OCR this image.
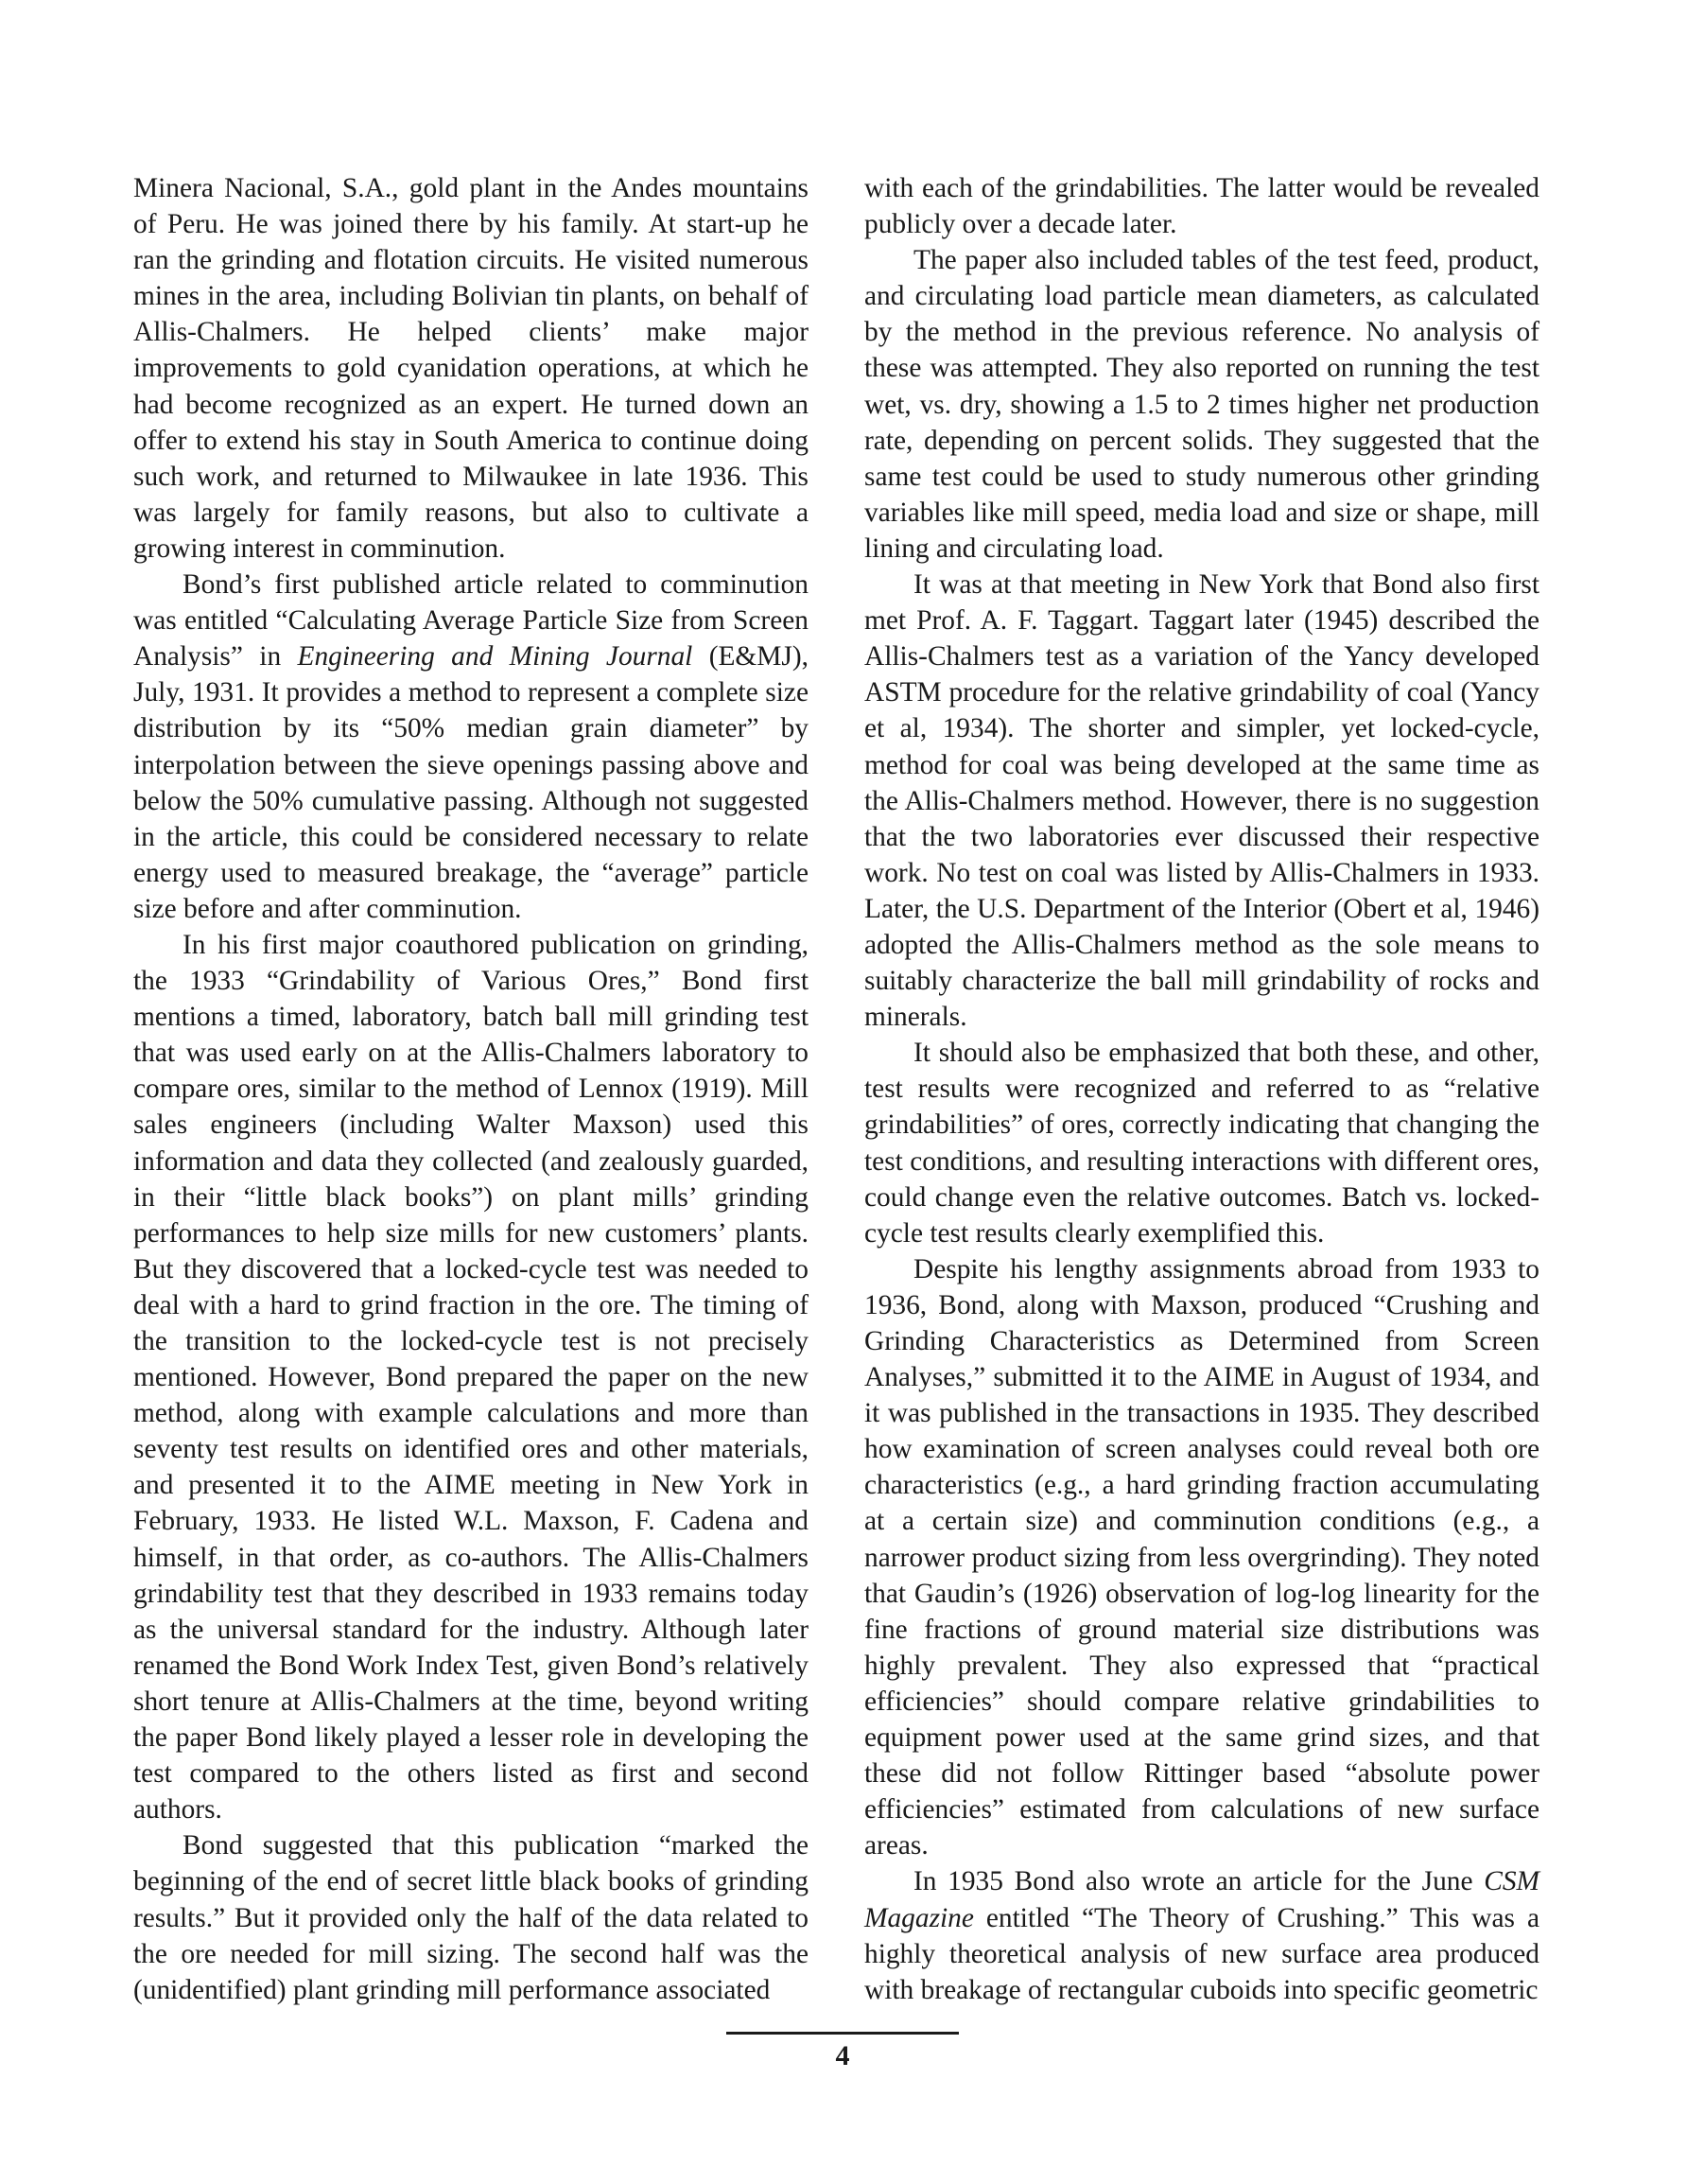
Minera Nacional, S.A., gold plant in the Andes mountains of Peru. He was joined there by his family. At start-up he ran the grinding and flotation circuits. He visited numerous mines in the area, including Bolivian tin plants, on behalf of Allis-Chalmers. He helped clients’ make major improvements to gold cyanidation operations, at which he had become recognized as an expert. He turned down an offer to extend his stay in South America to continue doing such work, and returned to Milwaukee in late 1936. This was largely for family reasons, but also to cultivate a growing interest in comminution.

Bond’s first published article related to comminution was entitled “Calculating Average Particle Size from Screen Analysis” in Engineering and Mining Journal (E&MJ), July, 1931. It provides a method to represent a complete size distribution by its “50% median grain diameter” by interpolation between the sieve openings passing above and below the 50% cumulative passing. Although not suggested in the article, this could be considered necessary to relate energy used to measured breakage, the “average” particle size before and after comminution.

In his first major coauthored publication on grinding, the 1933 “Grindability of Various Ores,” Bond first mentions a timed, laboratory, batch ball mill grinding test that was used early on at the Allis-Chalmers laboratory to compare ores, similar to the method of Lennox (1919). Mill sales engineers (including Walter Maxson) used this information and data they collected (and zealously guarded, in their “little black books”) on plant mills’ grinding performances to help size mills for new customers’ plants. But they discovered that a locked-cycle test was needed to deal with a hard to grind fraction in the ore. The timing of the transition to the locked-cycle test is not precisely mentioned. However, Bond prepared the paper on the new method, along with example calculations and more than seventy test results on identified ores and other materials, and presented it to the AIME meeting in New York in February, 1933. He listed W.L. Maxson, F. Cadena and himself, in that order, as co-authors. The Allis-Chalmers grindability test that they described in 1933 remains today as the universal standard for the industry. Although later renamed the Bond Work Index Test, given Bond’s relatively short tenure at Allis-Chalmers at the time, beyond writing the paper Bond likely played a lesser role in developing the test compared to the others listed as first and second authors.

Bond suggested that this publication “marked the beginning of the end of secret little black books of grinding results.” But it provided only the half of the data related to the ore needed for mill sizing. The second half was the (unidentified) plant grinding mill performance associated

with each of the grindabilities. The latter would be revealed publicly over a decade later.

The paper also included tables of the test feed, product, and circulating load particle mean diameters, as calculated by the method in the previous reference. No analysis of these was attempted. They also reported on running the test wet, vs. dry, showing a 1.5 to 2 times higher net production rate, depending on percent solids. They suggested that the same test could be used to study numerous other grinding variables like mill speed, media load and size or shape, mill lining and circulating load.

It was at that meeting in New York that Bond also first met Prof. A. F. Taggart. Taggart later (1945) described the Allis-Chalmers test as a variation of the Yancy developed ASTM procedure for the relative grindability of coal (Yancy et al, 1934). The shorter and simpler, yet locked-cycle, method for coal was being developed at the same time as the Allis-Chalmers method. However, there is no suggestion that the two laboratories ever discussed their respective work. No test on coal was listed by Allis-Chalmers in 1933. Later, the U.S. Department of the Interior (Obert et al, 1946) adopted the Allis-Chalmers method as the sole means to suitably characterize the ball mill grindability of rocks and minerals.

It should also be emphasized that both these, and other, test results were recognized and referred to as “relative grindabilities” of ores, correctly indicating that changing the test conditions, and resulting interactions with different ores, could change even the relative outcomes. Batch vs. locked-cycle test results clearly exemplified this.

Despite his lengthy assignments abroad from 1933 to 1936, Bond, along with Maxson, produced “Crushing and Grinding Characteristics as Determined from Screen Analyses,” submitted it to the AIME in August of 1934, and it was published in the transactions in 1935. They described how examination of screen analyses could reveal both ore characteristics (e.g., a hard grinding fraction accumulating at a certain size) and comminution conditions (e.g., a narrower product sizing from less overgrinding). They noted that Gaudin’s (1926) observation of log-log linearity for the fine fractions of ground material size distributions was highly prevalent. They also expressed that “practical efficiencies” should compare relative grindabilities to equipment power used at the same grind sizes, and that these did not follow Rittinger based “absolute power efficiencies” estimated from calculations of new surface areas.

In 1935 Bond also wrote an article for the June CSM Magazine entitled “The Theory of Crushing.” This was a highly theoretical analysis of new surface area produced with breakage of rectangular cuboids into specific geometric

4
